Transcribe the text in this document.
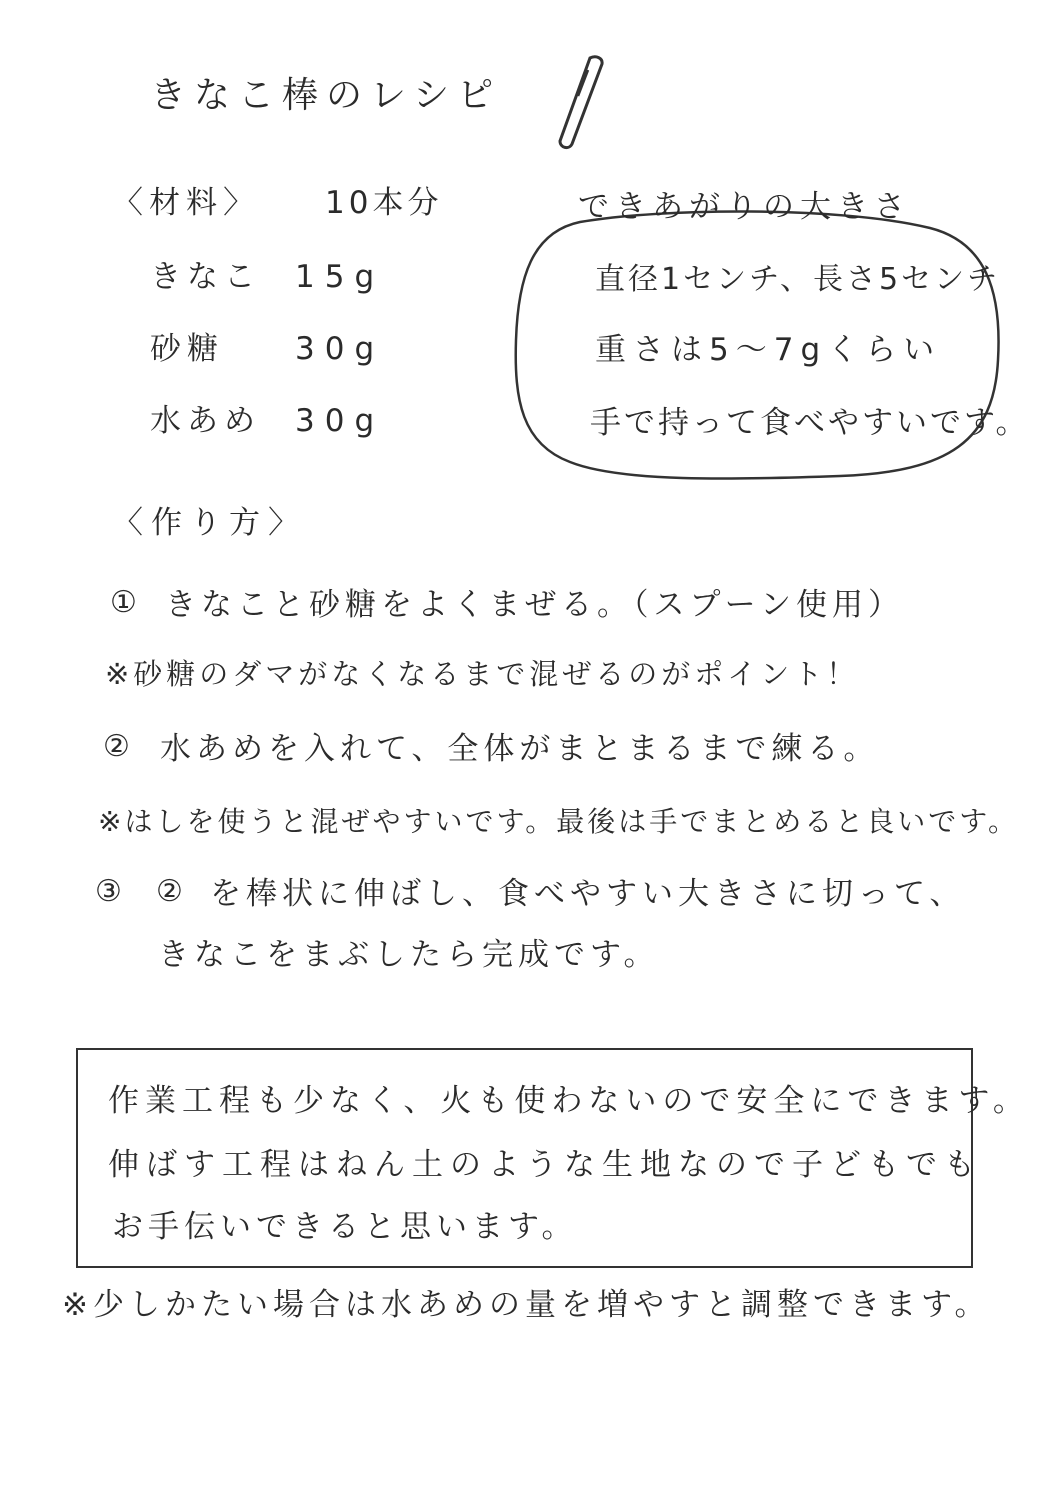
きなこ棒のレシピ
〈材料〉 10本分
きなこ 15g
砂糖 30g
水あめ 30g
できあがりの大きさ
直径1センチ、長さ5センチ
重さは5〜7gくらい
手で持って食べやすいです。
〈作り方〉
① きなこと砂糖をよくまぜる。（スプーン使用）
※砂糖のダマがなくなるまで混ぜるのがポイント！
② 水あめを入れて、全体がまとまるまで練る。
※はしを使うと混ぜやすいです。最後は手でまとめると良いです。
③ ② を棒状に伸ばし、食べやすい大きさに切って、
きなこをまぶしたら完成です。
作業工程も少なく、火も使わないので安全にできます。
伸ばす工程はねん土のような生地なので子どもでも
お手伝いできると思います。
※少しかたい場合は水あめの量を増やすと調整できます。
